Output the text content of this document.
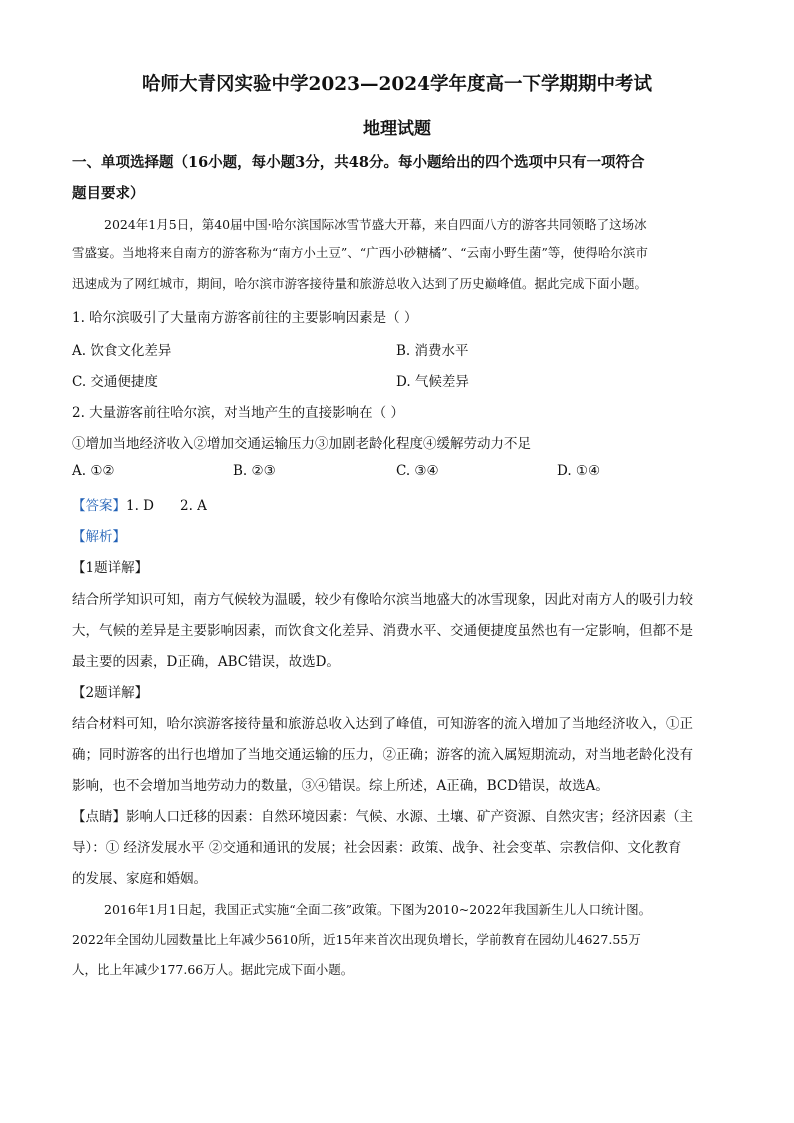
哈师大青冈实验中学2023—2024学年度高一下学期期中考试
地理试题
一、单项选择题（16小题，每小题3分，共48分。每小题给出的四个选项中只有一项符合
题目要求）
2024年1月5日，第40届中国·哈尔滨国际冰雪节盛大开幕，来自四面八方的游客共同领略了这场冰
雪盛宴。当地将来自南方的游客称为“南方小土豆”、“广西小砂糖橘”、“云南小野生菌”等，使得哈尔滨市
迅速成为了网红城市，期间，哈尔滨市游客接待量和旅游总收入达到了历史巅峰值。据此完成下面小题。
1. 哈尔滨吸引了大量南方游客前往的主要影响因素是（ ）
A. 饮食文化差异	B. 消费水平
C. 交通便捷度	D. 气候差异
2. 大量游客前往哈尔滨，对当地产生的直接影响在（ ）
①增加当地经济收入②增加交通运输压力③加剧老龄化程度④缓解劳动力不足
A. ①②	B. ②③	C. ③④	D. ①④
【答案】1. D 2. A
【解析】
【1题详解】
结合所学知识可知，南方气候较为温暖，较少有像哈尔滨当地盛大的冰雪现象，因此对南方人的吸引力较
大，气候的差异是主要影响因素，而饮食文化差异、消费水平、交通便捷度虽然也有一定影响，但都不是
最主要的因素，D正确，ABC错误，故选D。
【2题详解】
结合材料可知，哈尔滨游客接待量和旅游总收入达到了峰值，可知游客的流入增加了当地经济收入，①正
确；同时游客的出行也增加了当地交通运输的压力，②正确；游客的流入属短期流动，对当地老龄化没有
影响，也不会增加当地劳动力的数量，③④错误。综上所述，A正确，BCD错误，故选A。
【点睛】影响人口迁移的因素：自然环境因素：气候、水源、土壤、矿产资源、自然灾害；经济因素（主
导）：① 经济发展水平 ②交通和通讯的发展；社会因素：政策、战争、社会变革、宗教信仰、文化教育
的发展、家庭和婚姻。
2016年1月1日起，我国正式实施“全面二孩”政策。下图为2010~2022年我国新生儿人口统计图。
2022年全国幼儿园数量比上年减少5610所，近15年来首次出现负增长，学前教育在园幼儿4627.55万
人，比上年减少177.66万人。据此完成下面小题。
